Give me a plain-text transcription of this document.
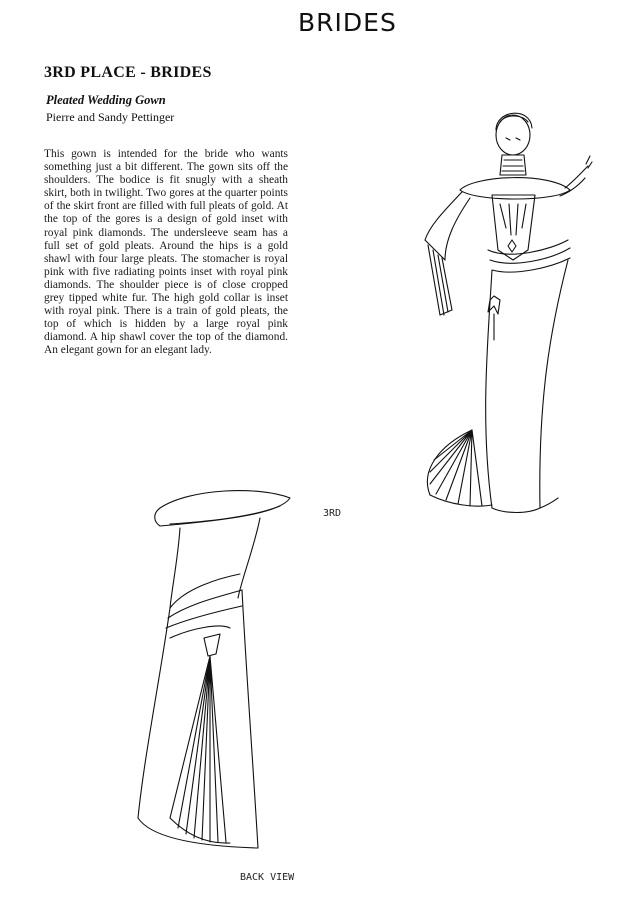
BRIDES
3RD PLACE - BRIDES
Pleated Wedding Gown
Pierre and Sandy Pettinger

This gown is intended for the bride who wants something just a bit different. The gown sits off the shoulders. The bodice is fit snugly with a sheath skirt, both in twilight. Two gores at the quarter points of the skirt front are filled with full pleats of gold. At the top of the gores is a design of gold inset with royal pink diamonds. The undersleeve seam has a full set of gold pleats. Around the hips is a gold shawl with four large pleats. The stomacher is royal pink with five radiating points inset with royal pink diamonds. The shoulder piece is of close cropped grey tipped white fur. The high gold collar is inset with royal pink. There is a train of gold pleats, the top of which is hidden by a large royal pink diamond. A hip shawl cover the top of the diamond. An elegant gown for an elegant lady.

3RD
BACK VIEW
